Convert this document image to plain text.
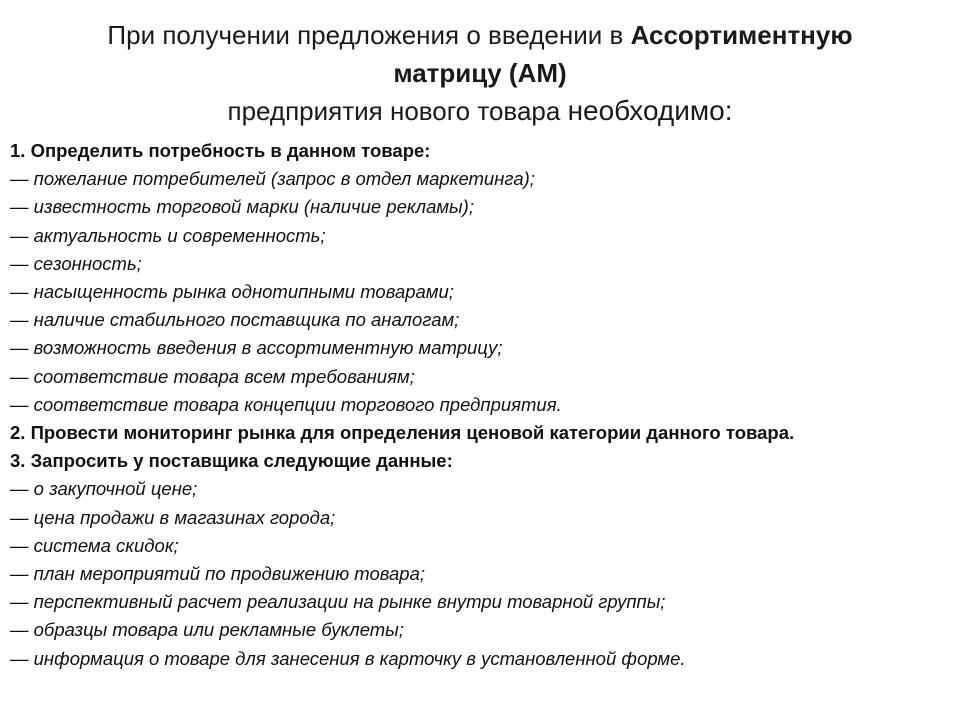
При получении предложения о введении в Ассортиментную
матрицу (АМ)
предприятия нового товара необходимо:
1. Определить потребность в данном товаре:
— пожелание потребителей (запрос в отдел маркетинга);
— известность торговой марки (наличие рекламы);
— актуальность и современность;
— сезонность;
— насыщенность рынка однотипными товарами;
— наличие стабильного поставщика по аналогам;
— возможность введения в ассортиментную матрицу;
— соответствие товара всем требованиям;
— соответствие товара концепции торгового предприятия.
2. Провести мониторинг рынка для определения ценовой категории данного товара.
3. Запросить у поставщика следующие данные:
— о закупочной цене;
— цена продажи в магазинах города;
— система скидок;
— план мероприятий по продвижению товара;
— перспективный расчет реализации на рынке внутри товарной группы;
— образцы товара или рекламные буклеты;
— информация о товаре для занесения в карточку в установленной форме.
